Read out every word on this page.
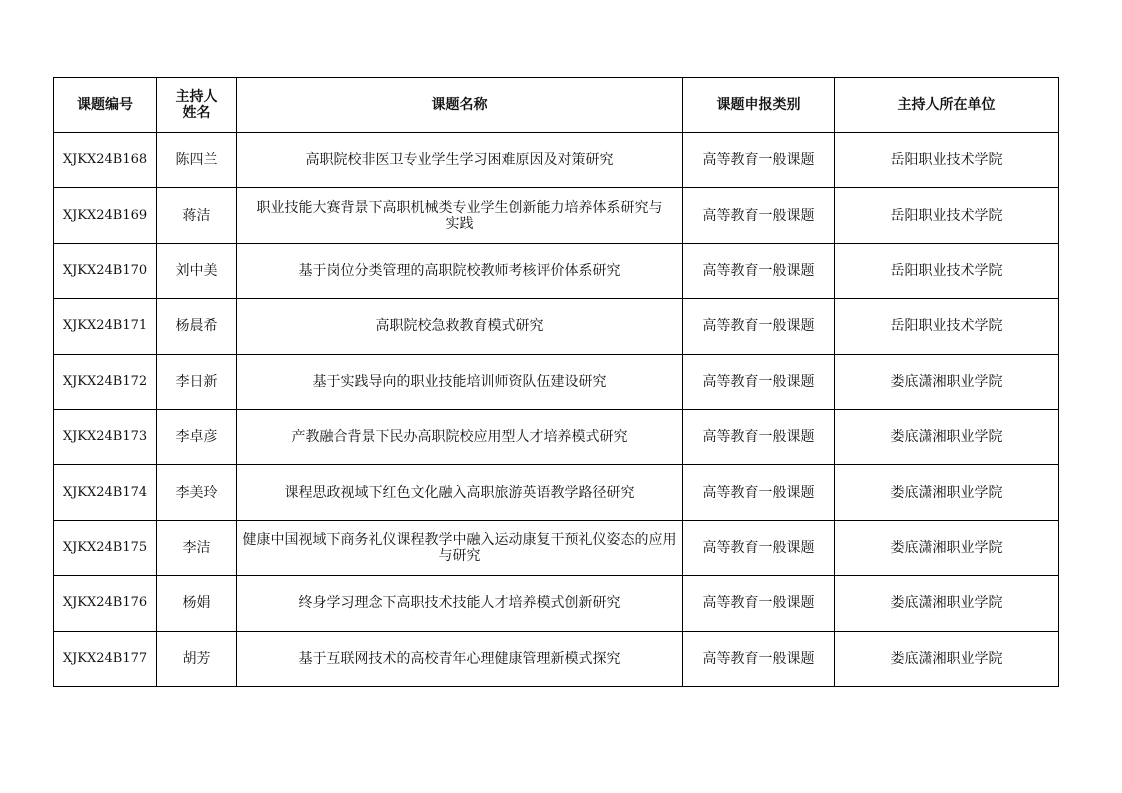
课题编号	主持人姓名	课题名称	课题申报类别	主持人所在单位
XJKX24B168	陈四兰	高职院校非医卫专业学生学习困难原因及对策研究	高等教育一般课题	岳阳职业技术学院
XJKX24B169	蒋洁	职业技能大赛背景下高职机械类专业学生创新能力培养体系研究与实践	高等教育一般课题	岳阳职业技术学院
XJKX24B170	刘中美	基于岗位分类管理的高职院校教师考核评价体系研究	高等教育一般课题	岳阳职业技术学院
XJKX24B171	杨晨希	高职院校急救教育模式研究	高等教育一般课题	岳阳职业技术学院
XJKX24B172	李日新	基于实践导向的职业技能培训师资队伍建设研究	高等教育一般课题	娄底潇湘职业学院
XJKX24B173	李卓彦	产教融合背景下民办高职院校应用型人才培养模式研究	高等教育一般课题	娄底潇湘职业学院
XJKX24B174	李美玲	课程思政视域下红色文化融入高职旅游英语教学路径研究	高等教育一般课题	娄底潇湘职业学院
XJKX24B175	李洁	健康中国视域下商务礼仪课程教学中融入运动康复干预礼仪姿态的应用与研究	高等教育一般课题	娄底潇湘职业学院
XJKX24B176	杨娟	终身学习理念下高职技术技能人才培养模式创新研究	高等教育一般课题	娄底潇湘职业学院
XJKX24B177	胡芳	基于互联网技术的高校青年心理健康管理新模式探究	高等教育一般课题	娄底潇湘职业学院
